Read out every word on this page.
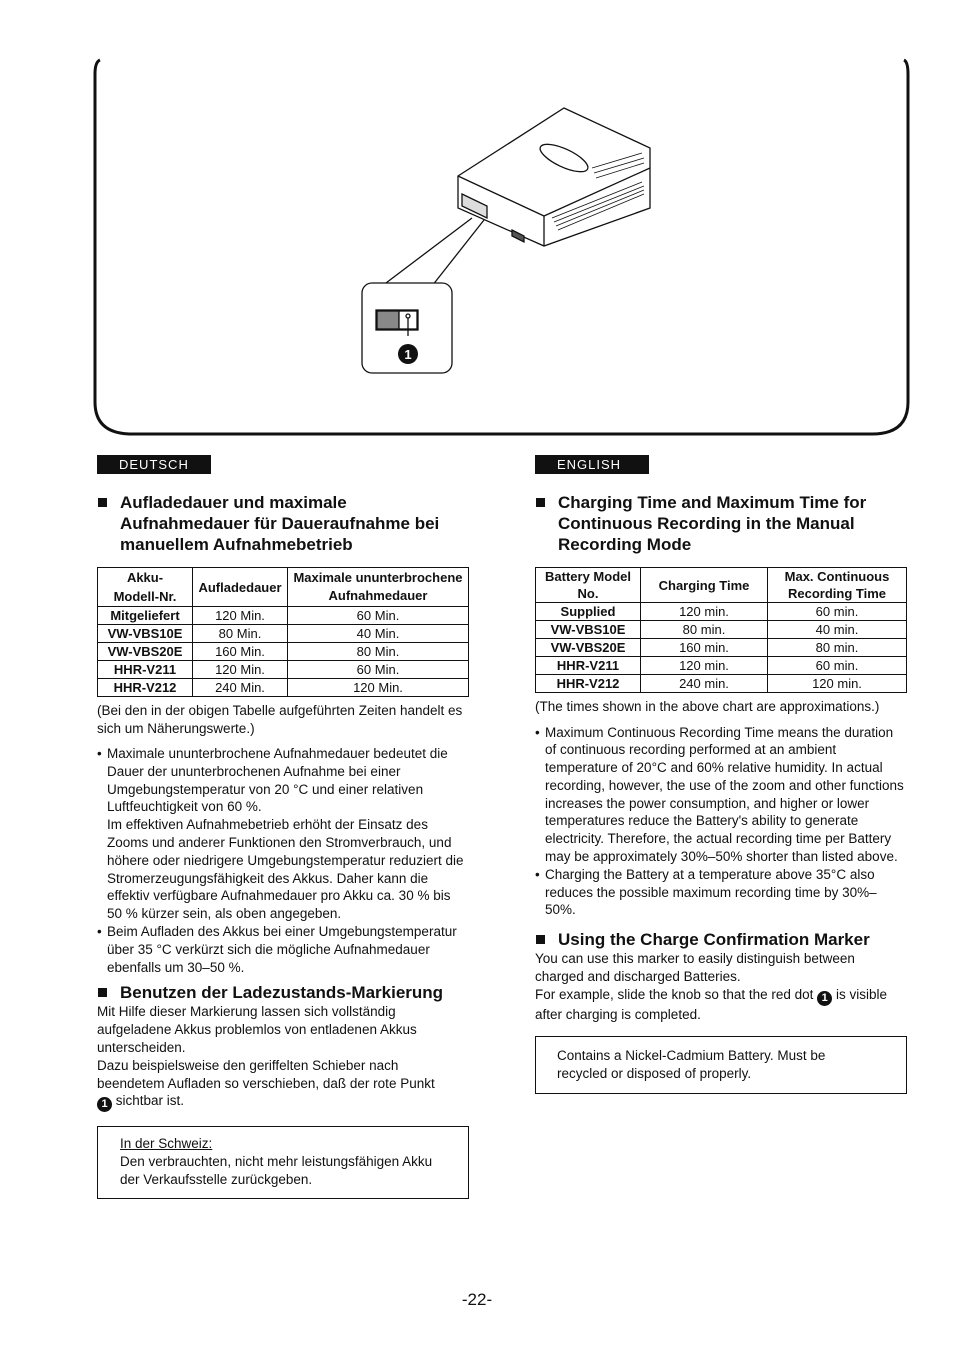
1
DEUTSCH
Aufladedauer und maximale Aufnahmedauer für Daueraufnahme bei manuellem Aufnahmebetrieb
Akku-
Modell-Nr.	Aufladedauer	Maximale ununterbrochene Aufnahmedauer
Mitgeliefert	120 Min.	60 Min.
VW-VBS10E	80 Min.	40 Min.
VW-VBS20E	160 Min.	80 Min.
HHR-V211	120 Min.	60 Min.
HHR-V212	240 Min.	120 Min.
(Bei den in der obigen Tabelle aufgeführten Zeiten handelt es sich um Näherungswerte.)
• Maximale ununterbrochene Aufnahmedauer bedeutet die Dauer der ununterbrochenen Aufnahme bei einer Umgebungstemperatur von 20 °C und einer relativen Luftfeuchtigkeit von 60 %.
Im effektiven Aufnahmebetrieb erhöht der Einsatz des Zooms und anderer Funktionen den Stromverbrauch, und höhere oder niedrigere Umgebungstemperatur reduziert die Stromerzeugungsfähigkeit des Akkus. Daher kann die effektiv verfügbare Aufnahmedauer pro Akku ca. 30 % bis 50 % kürzer sein, als oben angegeben.
• Beim Aufladen des Akkus bei einer Umgebungstemperatur über 35 °C verkürzt sich die mögliche Aufnahmedauer ebenfalls um 30–50 %.
Benutzen der Ladezustands-Markierung

Mit Hilfe dieser Markierung lassen sich vollständig aufgeladene Akkus problemlos von entladenen Akkus unterscheiden.

Dazu beispielsweise den geriffelten Schieber nach beendetem Aufladen so verschieben, daß der rote Punkt
1 sichtbar ist.

In der Schweiz:
Den verbrauchten, nicht mehr leistungsfähigen Akku der Verkaufsstelle zurückgeben.
ENGLISH
Charging Time and Maximum Time for Continuous Recording in the Manual Recording Mode
Battery Model No.	Charging Time	Max. Continuous Recording Time
Supplied	120 min.	60 min.
VW-VBS10E	80 min.	40 min.
VW-VBS20E	160 min.	80 min.
HHR-V211	120 min.	60 min.
HHR-V212	240 min.	120 min.
(The times shown in the above chart are approximations.)
• Maximum Continuous Recording Time means the duration of continuous recording performed at an ambient temperature of 20°C and 60% relative humidity. In actual recording, however, the use of the zoom and other functions increases the power consumption, and higher or lower temperatures reduce the Battery's ability to generate electricity. Therefore, the actual recording time per Battery may be approximately 30%–50% shorter than listed above.
• Charging the Battery at a temperature above 35°C also reduces the possible maximum recording time by 30%–50%.
Using the Charge Confirmation Marker

You can use this marker to easily distinguish between charged and discharged Batteries.

For example, slide the knob so that the red dot 1 is visible after charging is completed.

Contains a Nickel-Cadmium Battery. Must be recycled or disposed of properly.
-22-
